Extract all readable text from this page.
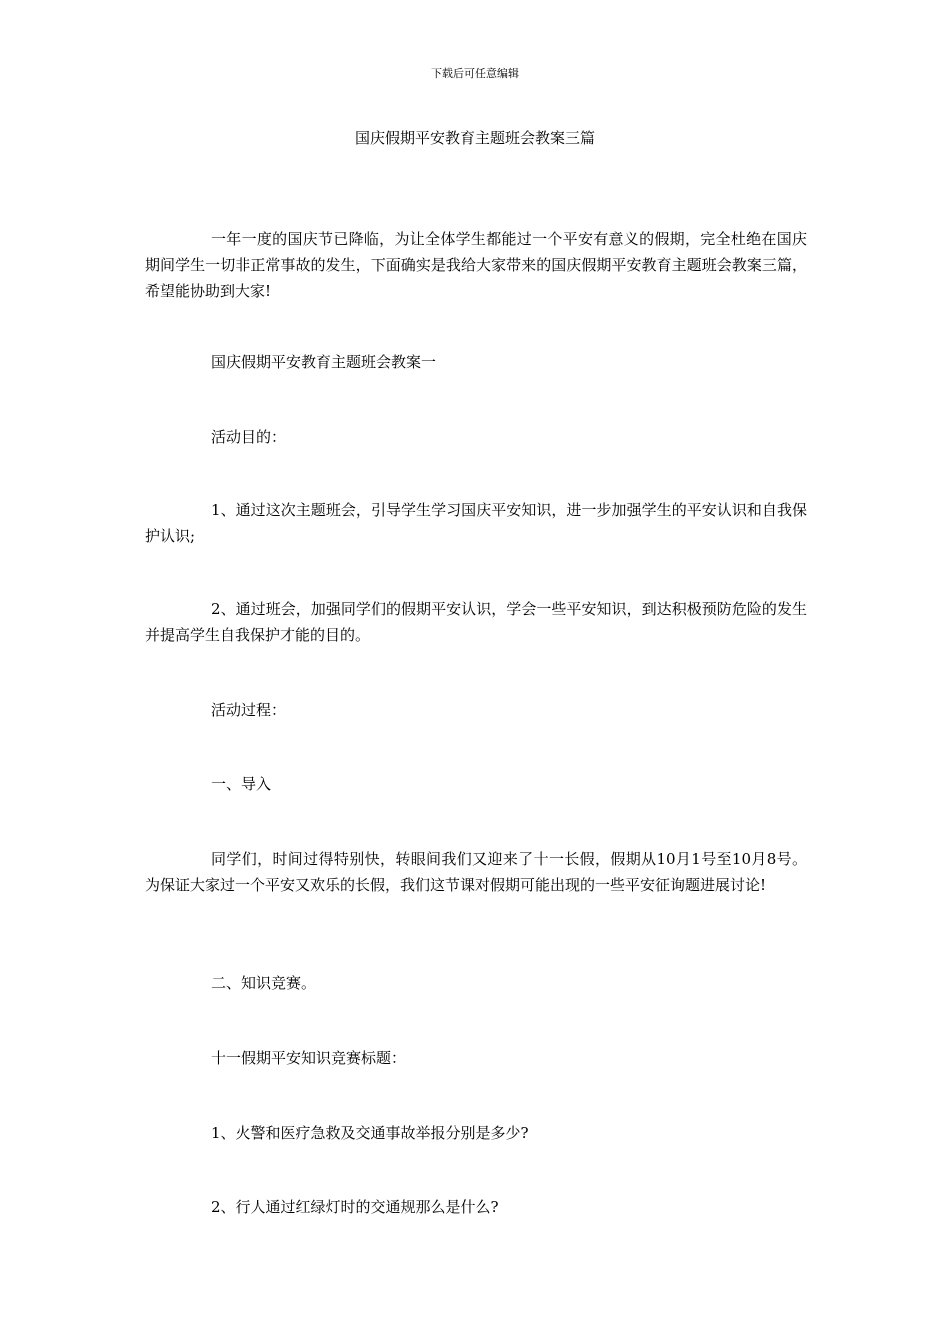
下载后可任意编辑
国庆假期平安教育主题班会教案三篇

一年一度的国庆节已降临，为让全体学生都能过一个平安有意义的假期，完全杜绝在国庆期间学生一切非正常事故的发生，下面确实是我给大家带来的国庆假期平安教育主题班会教案三篇，希望能协助到大家!

国庆假期平安教育主题班会教案一

活动目的：

1、通过这次主题班会，引导学生学习国庆平安知识，进一步加强学生的平安认识和自我保护认识;

2、通过班会，加强同学们的假期平安认识，学会一些平安知识，到达积极预防危险的发生并提高学生自我保护才能的目的。

活动过程：

一、导入

同学们，时间过得特别快，转眼间我们又迎来了十一长假，假期从10月1号至10月8号。为保证大家过一个平安又欢乐的长假，我们这节课对假期可能出现的一些平安征询题进展讨论!

二、知识竞赛。

十一假期平安知识竞赛标题：

1、火警和医疗急救及交通事故举报分别是多少?

2、行人通过红绿灯时的交通规那么是什么?
